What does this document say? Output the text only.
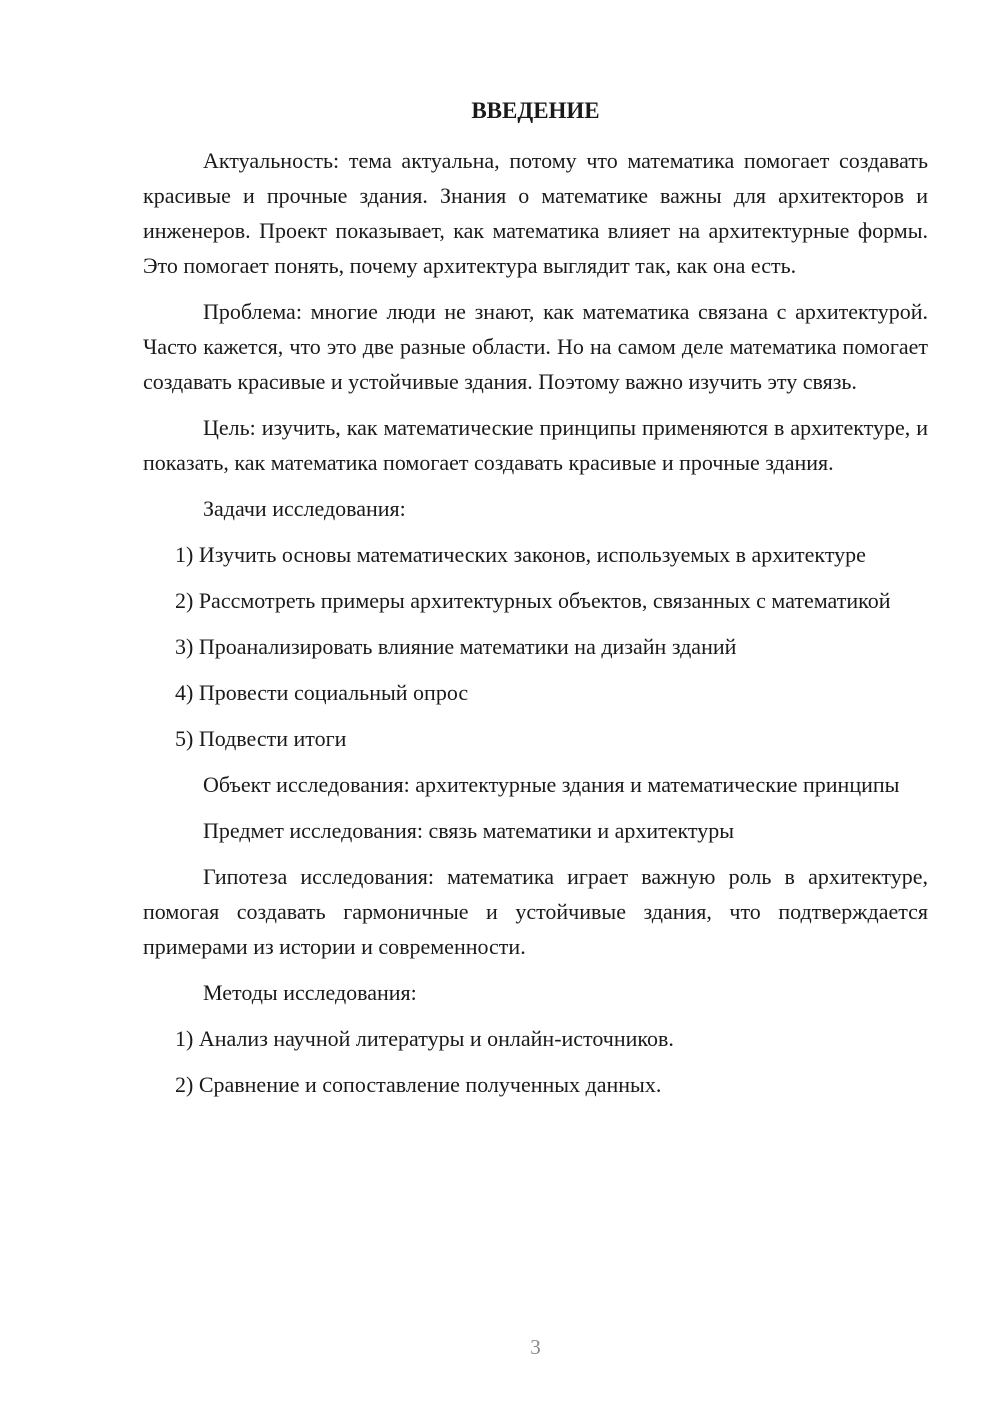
ВВЕДЕНИЕ

Актуальность: тема актуальна, потому что математика помогает создавать красивые и прочные здания. Знания о математике важны для архитекторов и инженеров. Проект показывает, как математика влияет на архитектурные формы. Это помогает понять, почему архитектура выглядит так, как она есть.

Проблема: многие люди не знают, как математика связана с архитектурой. Часто кажется, что это две разные области. Но на самом деле математика помогает создавать красивые и устойчивые здания. Поэтому важно изучить эту связь.

Цель: изучить, как математические принципы применяются в архитектуре, и показать, как математика помогает создавать красивые и прочные здания.

Задачи исследования:

1) Изучить основы математических законов, используемых в архитектуре

2) Рассмотреть примеры архитектурных объектов, связанных с математикой

3) Проанализировать влияние математики на дизайн зданий

4) Провести социальный опрос

5) Подвести итоги

Объект исследования: архитектурные здания и математические принципы

Предмет исследования: связь математики и архитектуры

Гипотеза исследования: математика играет важную роль в архитектуре, помогая создавать гармоничные и устойчивые здания, что подтверждается примерами из истории и современности.

Методы исследования:

1) Анализ научной литературы и онлайн-источников.

2) Сравнение и сопоставление полученных данных.

3
